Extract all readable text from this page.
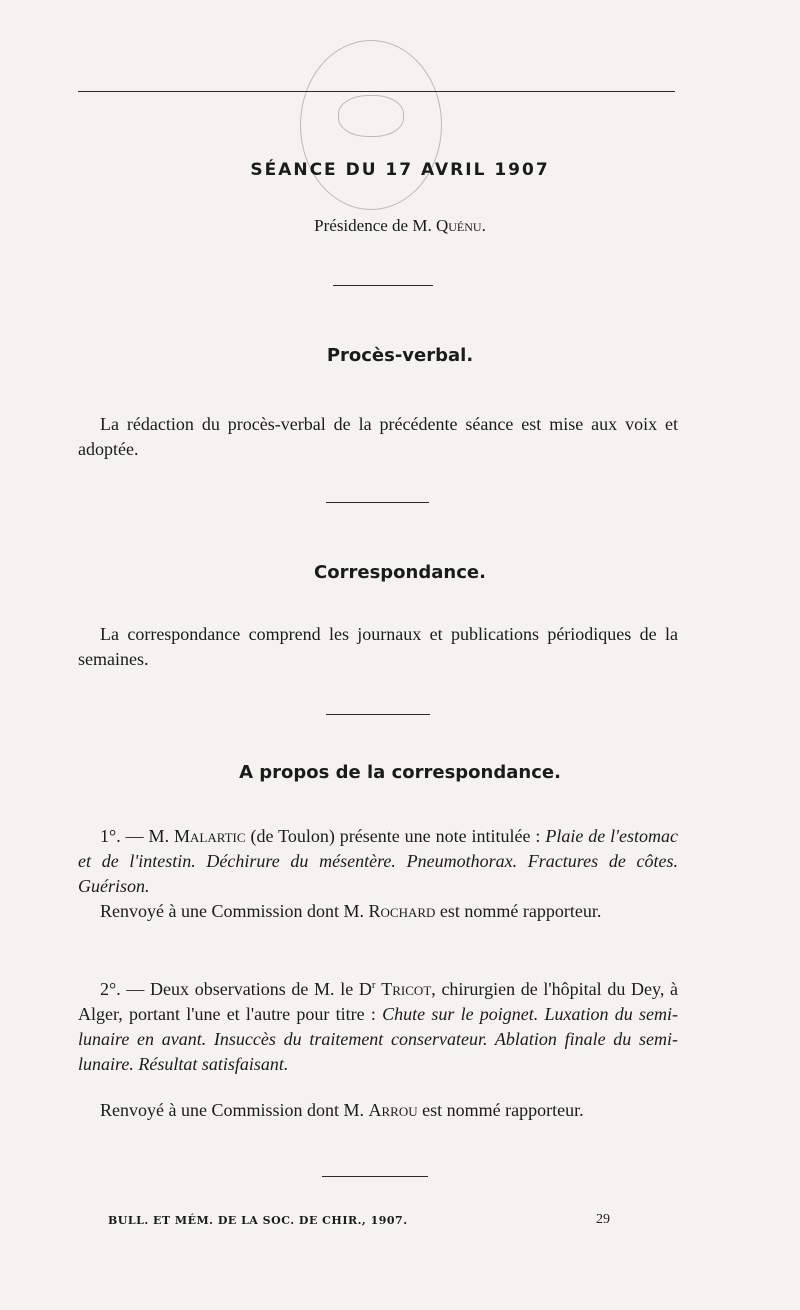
SÉANCE DU 17 AVRIL 1907
Présidence de M. Quénu.
Procès-verbal.
La rédaction du procès-verbal de la précédente séance est mise aux voix et adoptée.
Correspondance.
La correspondance comprend les journaux et publications périodiques de la semaines.
A propos de la correspondance.
1°. — M. Malartic (de Toulon) présente une note intitulée : Plaie de l'estomac et de l'intestin. Déchirure du mésentère. Pneumothorax. Fractures de côtes. Guérison.
Renvoyé à une Commission dont M. Rochard est nommé rapporteur.
2°. — Deux observations de M. le $D^r$ Tricot, chirurgien de l'hôpital du Dey, à Alger, portant l'une et l'autre pour titre : Chute sur le poignet. Luxation du semi-lunaire en avant. Insuccès du traitement conservateur. Ablation finale du semi-lunaire. Résultat satisfaisant.
Renvoyé à une Commission dont M. Arrou est nommé rapporteur.
BULL. ET MÉM. DE LA SOC. DE CHIR., 1907.	29
